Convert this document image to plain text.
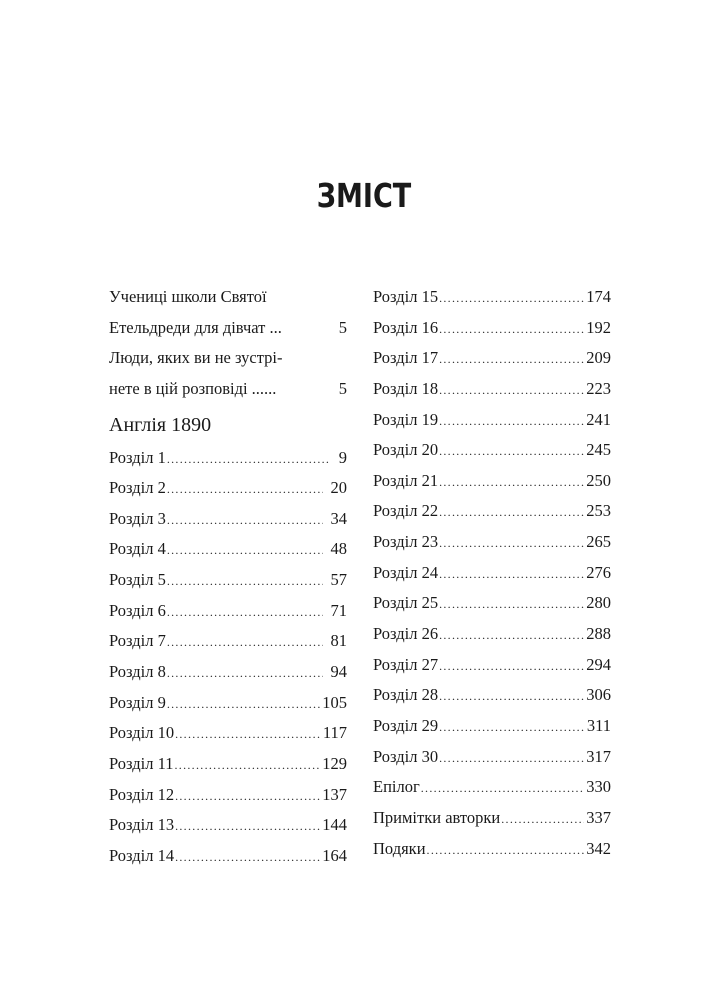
ЗМІСТ
Учениці школи Святої
Етельдреди для дівчат ...	5
Люди, яких ви не зустрі-
нете в цій розповіді ......	5
Англія 1890
Розділ 1 .....	9
Розділ 2 .....	20
Розділ 3 .....	34
Розділ 4 .....	48
Розділ 5 .....	57
Розділ 6 .....	71
Розділ 7 .....	81
Розділ 8 .....	94
Розділ 9 .....	105
Розділ 10 .....	117
Розділ 11 .....	129
Розділ 12 .....	137
Розділ 13 .....	144
Розділ 14 .....	164
Розділ 15 .....	174
Розділ 16 .....	192
Розділ 17 .....	209
Розділ 18 .....	223
Розділ 19 .....	241
Розділ 20 .....	245
Розділ 21 .....	250
Розділ 22 .....	253
Розділ 23 .....	265
Розділ 24 .....	276
Розділ 25 .....	280
Розділ 26 .....	288
Розділ 27 .....	294
Розділ 28 .....	306
Розділ 29 .....	311
Розділ 30 .....	317
Епілог .....	330
Примітки авторки .....	337
Подяки .....	342
